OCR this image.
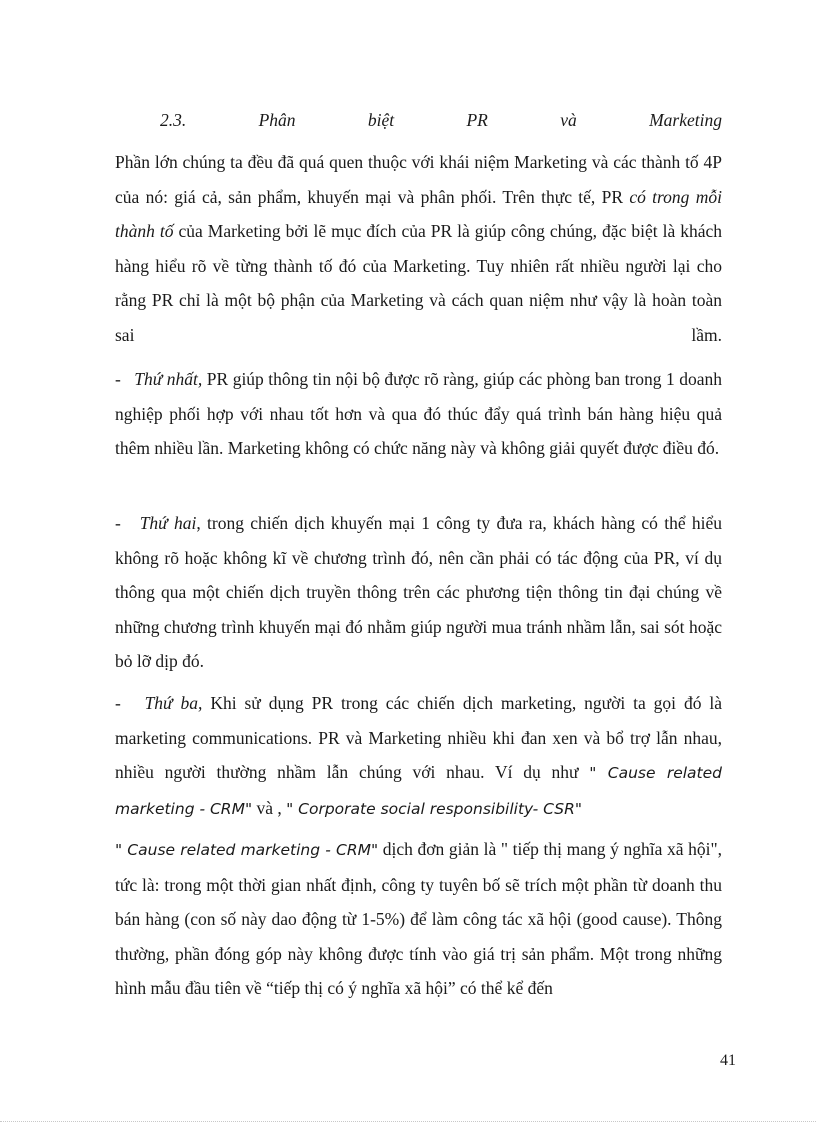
2.3.	Phân	biệt	PR	và	Marketing

Phần lớn chúng ta đều đã quá quen thuộc với khái niệm Marketing và các thành tố 4P của nó: giá cả, sản phẩm, khuyến mại và phân phối. Trên thực tế, PR có trong mỗi thành tố của Marketing bởi lẽ mục đích của PR là giúp công chúng, đặc biệt là khách hàng hiểu rõ về từng thành tố đó của Marketing. Tuy nhiên rất nhiều người lại cho rằng PR chỉ là một bộ phận của Marketing và cách quan niệm như vậy là hoàn toàn sai lầm.

- Thứ nhất, PR giúp thông tin nội bộ được rõ ràng, giúp các phòng ban trong 1 doanh nghiệp phối hợp với nhau tốt hơn và qua đó thúc đẩy quá trình bán hàng hiệu quả thêm nhiều lần. Marketing không có chức năng này và không giải quyết được điều đó.

- Thứ hai, trong chiến dịch khuyến mại 1 công ty đưa ra, khách hàng có thể hiểu không rõ hoặc không kĩ về chương trình đó, nên cần phải có tác động của PR, ví dụ thông qua một chiến dịch truyền thông trên các phương tiện thông tin đại chúng về những chương trình khuyến mại đó nhằm giúp người mua tránh nhầm lẫn, sai sót hoặc bỏ lỡ dịp đó.

- Thứ ba, Khi sử dụng PR trong các chiến dịch marketing, người ta gọi đó là marketing communications. PR và Marketing nhiều khi đan xen và bổ trợ lẫn nhau, nhiều người thường nhầm lẫn chúng với nhau. Ví dụ như " Cause related marketing - CRM" và , " Corporate social responsibility- CSR"

" Cause related marketing - CRM" dịch đơn giản là " tiếp thị mang ý nghĩa xã hội", tức là: trong một thời gian nhất định, công ty tuyên bố sẽ trích một phần từ doanh thu bán hàng (con số này dao động từ 1-5%) để làm công tác xã hội (good cause). Thông thường, phần đóng góp này không được tính vào giá trị sản phẩm. Một trong những hình mẫu đầu tiên về “tiếp thị có ý nghĩa xã hội” có thể kể đến

41
